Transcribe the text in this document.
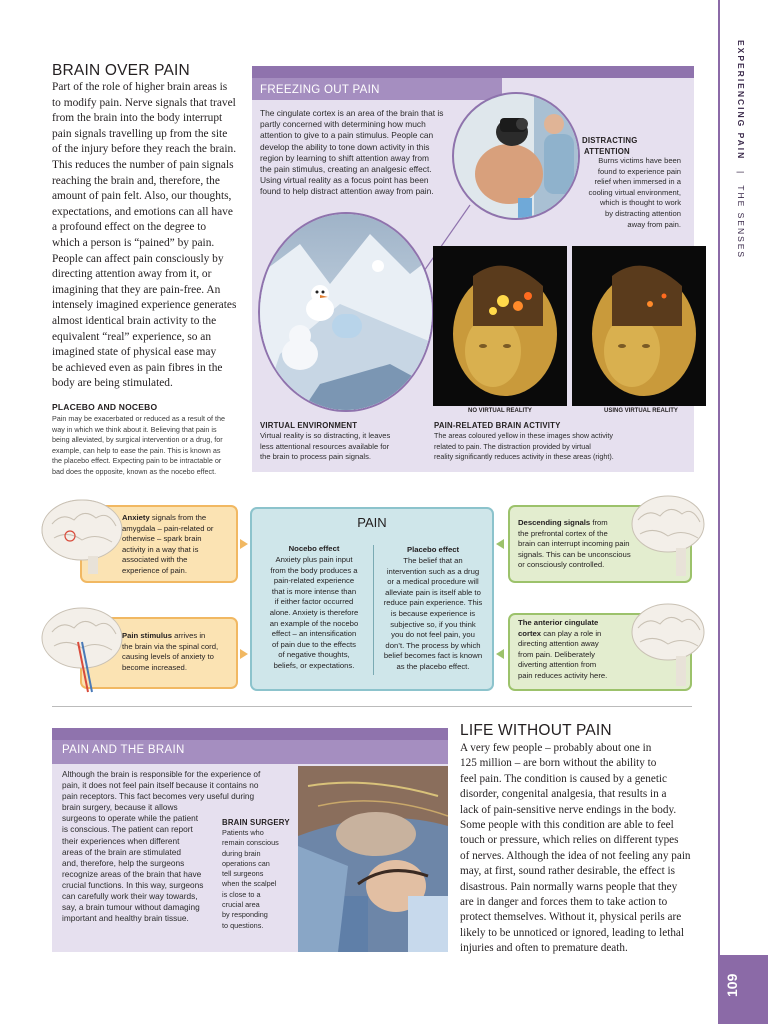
EXPERIENCING PAIN | THE SENSES
109
BRAIN OVER PAIN
Part of the role of higher brain areas is
to modify pain. Nerve signals that travel
from the brain into the body interrupt
pain signals travelling up from the site
of the injury before they reach the brain.
This reduces the number of pain signals
reaching the brain and, therefore, the
amount of pain felt. Also, our thoughts,
expectations, and emotions can all have
a profound effect on the degree to
which a person is “pained” by pain.
People can affect pain consciously by
directing attention away from it, or
imagining that they are pain-free. An
intensely imagined experience generates
almost identical brain activity to the
equivalent “real” experience, so an
imagined state of physical ease may
be achieved even as pain fibres in the
body are being stimulated.
PLACEBO AND NOCEBO
Pain may be exacerbated or reduced as a result of the
way in which we think about it. Believing that pain is
being alleviated, by surgical intervention or a drug, for
example, can help to ease the pain. This is known as
the placebo effect. Expecting pain to be intractable or
bad does the opposite, known as the nocebo effect.
FREEZING OUT PAIN
The cingulate cortex is an area of the brain that is
partly concerned with determining how much
attention to give to a pain stimulus. People can
develop the ability to tone down activity in this
region by learning to shift attention away from
the pain stimulus, creating an analgesic effect.
Using virtual reality as a focus point has been
found to help distract attention away from pain.
DISTRACTING
ATTENTION
Burns victims have been
found to experience pain
relief when immersed in a
cooling virtual environment,
which is thought to work
by distracting attention
away from pain.
NO VIRTUAL REALITY	USING VIRTUAL REALITY
VIRTUAL ENVIRONMENT
Virtual reality is so distracting, it leaves
less attentional resources available for
the brain to process pain signals.
PAIN-RELATED BRAIN ACTIVITY
The areas coloured yellow in these images show activity
related to pain. The distraction provided by virtual
reality significantly reduces activity in these areas (right).
Anxiety signals from the
amygdala – pain-related or
otherwise – spark brain
activity in a way that is
associated with the
experience of pain.
Pain stimulus arrives in
the brain via the spinal cord,
causing levels of anxiety to
become increased.
PAIN
Nocebo effect
Anxiety plus pain input
from the body produces a
pain-related experience
that is more intense than
if either factor occurred
alone. Anxiety is therefore
an example of the nocebo
effect – an intensification
of pain due to the effects
of negative thoughts,
beliefs, or expectations.
Placebo effect
The belief that an
intervention such as a drug
or a medical procedure will
alleviate pain is itself able to
reduce pain experience. This
is because experience is
subjective so, if you think
you do not feel pain, you
don’t. The process by which
belief becomes fact is known
as the placebo effect.
Descending signals from
the prefrontal cortex of the
brain can interrupt incoming pain
signals. This can be unconscious
or consciously controlled.
The anterior cingulate
cortex can play a role in
directing attention away
from pain. Deliberately
diverting attention from
pain reduces activity here.
PAIN AND THE BRAIN
Although the brain is responsible for the experience of
pain, it does not feel pain itself because it contains no
pain receptors. This fact becomes very useful during
brain surgery, because it allows
surgeons to operate while the patient
is conscious. The patient can report
their experiences when different
areas of the brain are stimulated
and, therefore, help the surgeons
recognize areas of the brain that have
crucial functions. In this way, surgeons
can carefully work their way towards,
say, a brain tumour without damaging
important and healthy brain tissue.
BRAIN SURGERY
Patients who
remain conscious
during brain
operations can
tell surgeons
when the scalpel
is close to a
crucial area
by responding
to questions.
LIFE WITHOUT PAIN
A very few people – probably about one in
125 million – are born without the ability to
feel pain. The condition is caused by a genetic
disorder, congenital analgesia, that results in a
lack of pain-sensitive nerve endings in the body.
Some people with this condition are able to feel
touch or pressure, which relies on different types
of nerves. Although the idea of not feeling any pain
may, at first, sound rather desirable, the effect is
disastrous. Pain normally warns people that they
are in danger and forces them to take action to
protect themselves. Without it, physical perils are
likely to be unnoticed or ignored, leading to lethal
injuries and often to premature death.
